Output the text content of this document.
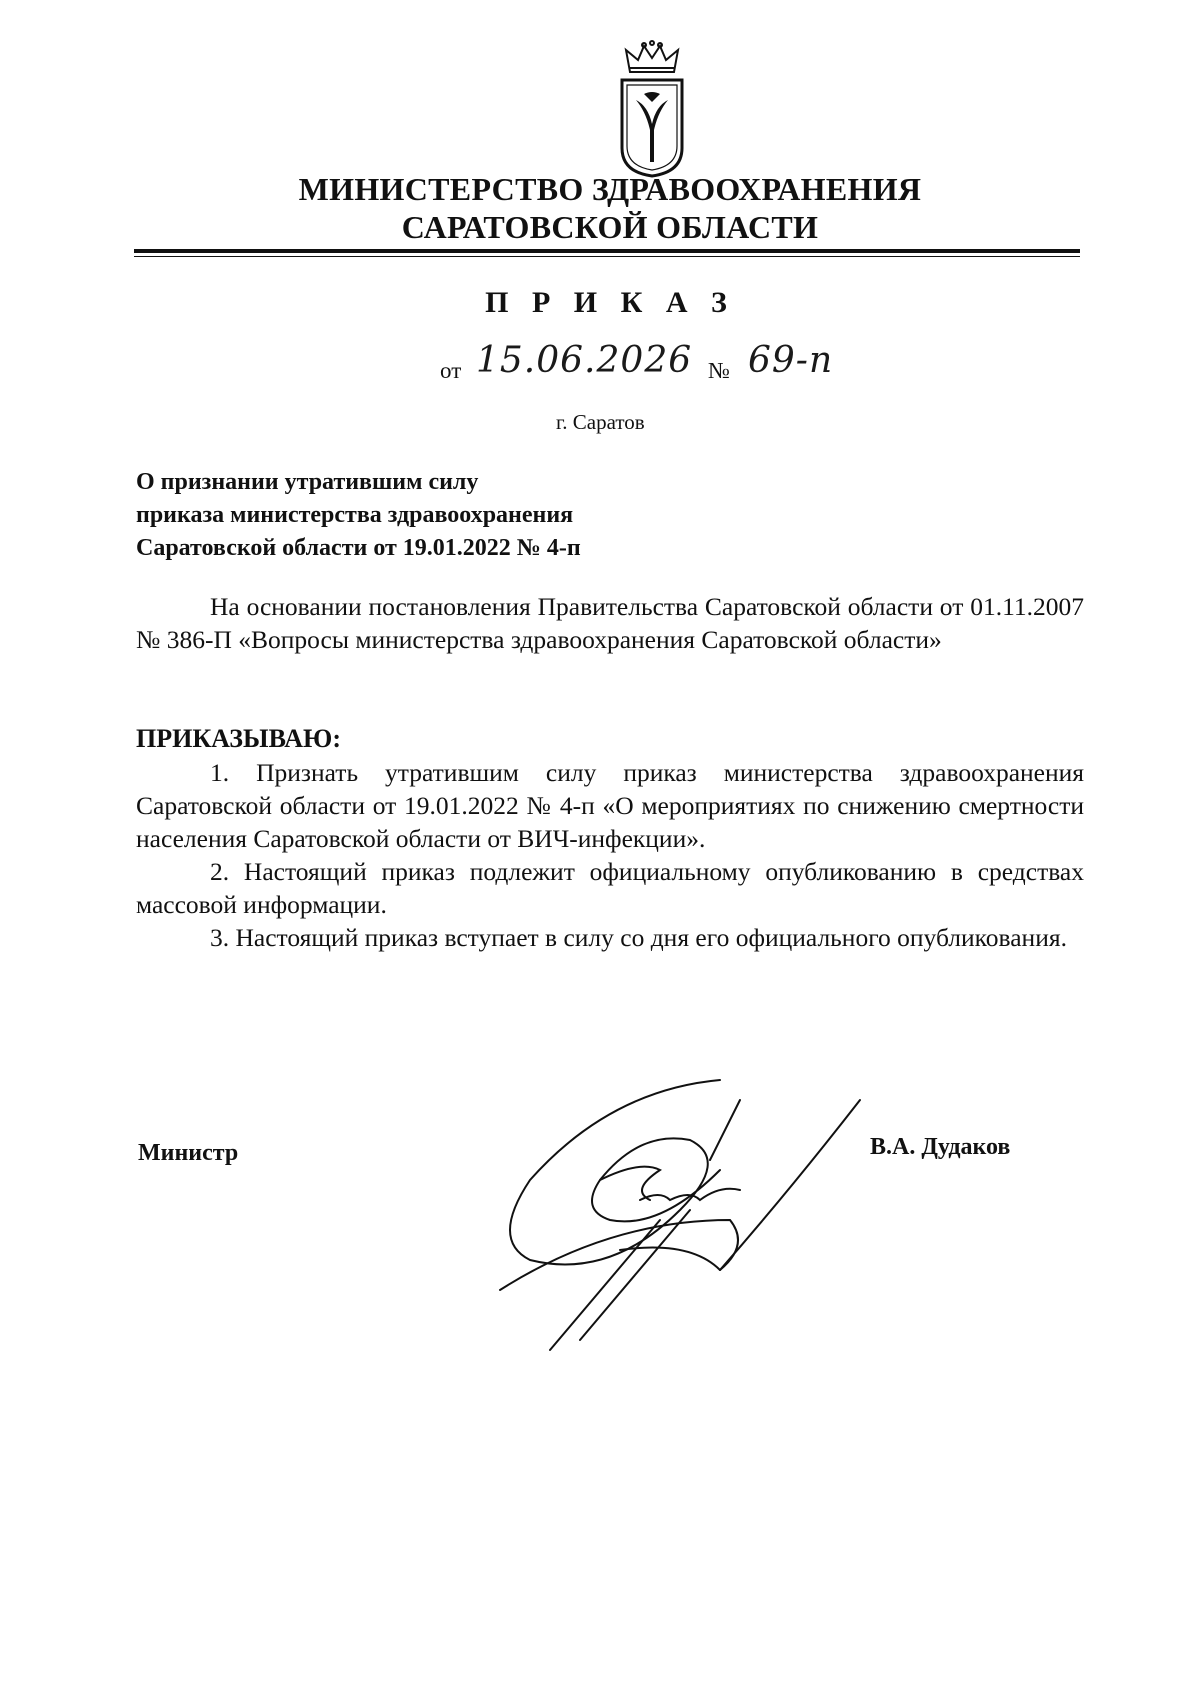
МИНИСТЕРСТВО ЗДРАВООХРАНЕНИЯ
САРАТОВСКОЙ ОБЛАСТИ
П Р И К А З
от 15.06.2026 № 69-п
г. Саратов
О признании утратившим силу
приказа министерства здравоохранения
Саратовской области от 19.01.2022 № 4-п
На основании постановления Правительства Саратовской области от 01.11.2007 № 386-П «Вопросы министерства здравоохранения Саратовской области»
ПРИКАЗЫВАЮ:
1. Признать утратившим силу приказ министерства здравоохранения Саратовской области от 19.01.2022 № 4-п «О мероприятиях по снижению смертности населения Саратовской области от ВИЧ-инфекции».
2. Настоящий приказ подлежит официальному опубликованию в средствах массовой информации.
3. Настоящий приказ вступает в силу со дня его официального опубликования.
Министр	В.А. Дудаков
